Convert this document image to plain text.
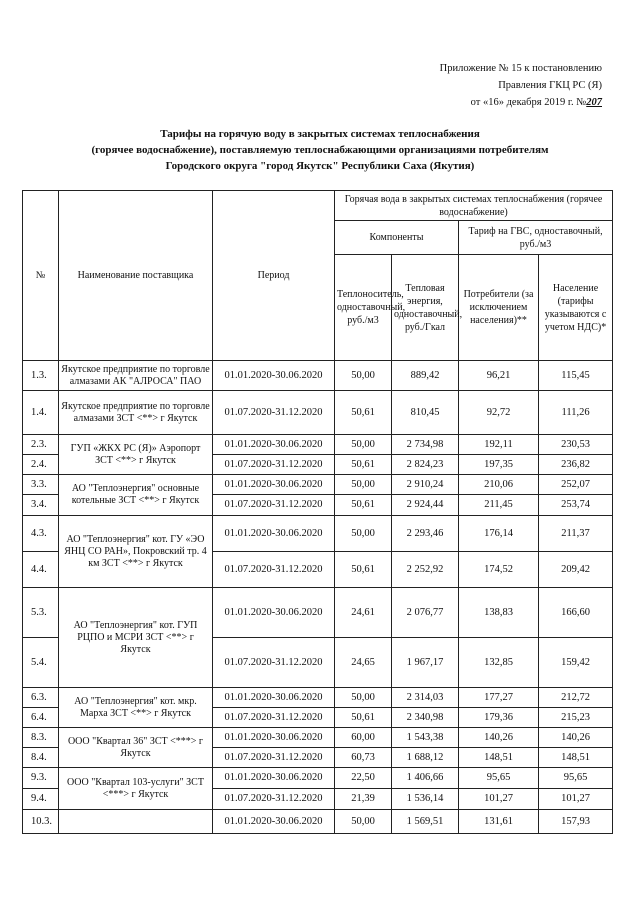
Приложение № 15 к постановлению
Правления ГКЦ РС (Я)
от «16» декабря 2019 г. №207
Тарифы на горячую воду в закрытых системах теплоснабжения
(горячее водоснабжение), поставляемую теплоснабжающими организациями потребителям
Городского округа "город Якутск" Республики Саха (Якутия)
№	Наименование поставщика	Период	Горячая вода в закрытых системах теплоснабжения (горячее водоснабжение)			
			Компоненты		Тариф на ГВС, одноставочный, руб./м3	
			Теплоноситель, одноставочный, руб./м3	Тепловая энергия, одноставочный, руб./Гкал	Потребители (за исключением населения)**	Население (тарифы указываются с учетом НДС)*
1.3.	Якутское предприятие по торговле алмазами АК "АЛРОСА" ПАО	01.01.2020-30.06.2020	50,00	889,42	96,21	115,45
1.4.	Якутское предприятие по торговле алмазами ЗСТ <**> г Якутск	01.07.2020-31.12.2020	50,61	810,45	92,72	111,26
2.3.	ГУП «ЖКХ РС (Я)» Аэропорт ЗСТ <**> г Якутск	01.01.2020-30.06.2020	50,00	2 734,98	192,11	230,53
2.4.		01.07.2020-31.12.2020	50,61	2 824,23	197,35	236,82
3.3.	АО "Теплоэнергия" основные котельные ЗСТ <**> г Якутск	01.01.2020-30.06.2020	50,00	2 910,24	210,06	252,07
3.4.		01.07.2020-31.12.2020	50,61	2 924,44	211,45	253,74
4.3.	АО "Теплоэнергия" кот. ГУ «ЭО ЯНЦ СО РАН», Покровский тр. 4 км ЗСТ <**> г Якутск	01.01.2020-30.06.2020	50,00	2 293,46	176,14	211,37
4.4.		01.07.2020-31.12.2020	50,61	2 252,92	174,52	209,42
5.3.	АО "Теплоэнергия" кот. ГУП РЦПО и МСРИ ЗСТ <**> г Якутск	01.01.2020-30.06.2020	24,61	2 076,77	138,83	166,60
5.4.		01.07.2020-31.12.2020	24,65	1 967,17	132,85	159,42
6.3.	АО "Теплоэнергия" кот. мкр. Марха ЗСТ <**> г Якутск	01.01.2020-30.06.2020	50,00	2 314,03	177,27	212,72
6.4.		01.07.2020-31.12.2020	50,61	2 340,98	179,36	215,23
8.3.	ООО "Квартал 36" ЗСТ <***> г Якутск	01.01.2020-30.06.2020	60,00	1 543,38	140,26	140,26
8.4.		01.07.2020-31.12.2020	60,73	1 688,12	148,51	148,51
9.3.	ООО "Квартал 103-услуги" ЗСТ <***> г Якутск	01.01.2020-30.06.2020	22,50	1 406,66	95,65	95,65
9.4.		01.07.2020-31.12.2020	21,39	1 536,14	101,27	101,27
10.3.		01.01.2020-30.06.2020	50,00	1 569,51	131,61	157,93
